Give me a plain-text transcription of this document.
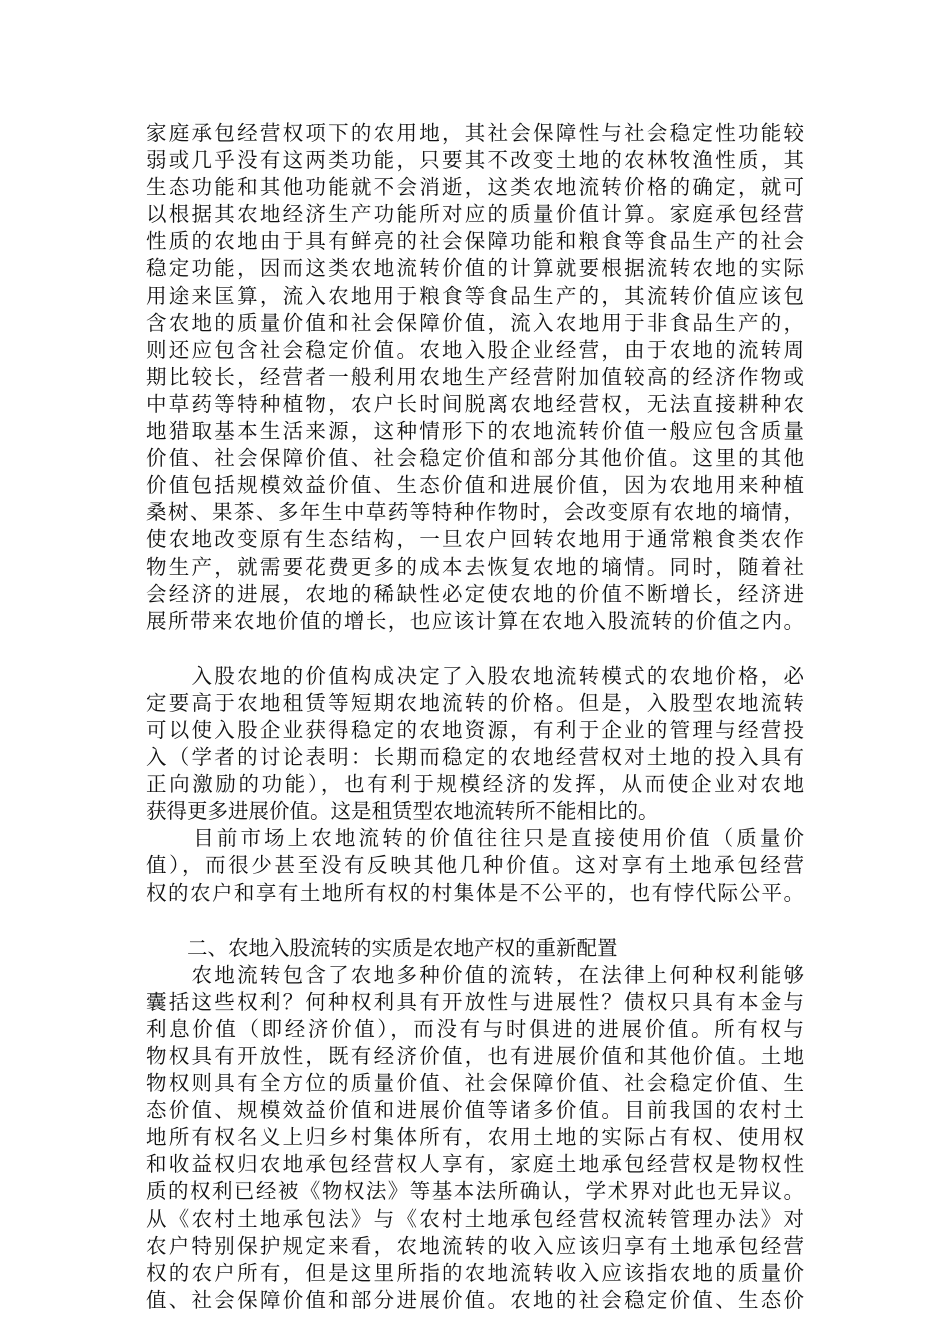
家庭承包经营权项下的农用地，其社会保障性与社会稳定性功能较
弱或几乎没有这两类功能，只要其不改变土地的农林牧渔性质，其
生态功能和其他功能就不会消逝，这类农地流转价格的确定，就可
以根据其农地经济生产功能所对应的质量价值计算。家庭承包经营
性质的农地由于具有鲜亮的社会保障功能和粮食等食品生产的社会
稳定功能，因而这类农地流转价值的计算就要根据流转农地的实际
用途来匡算，流入农地用于粮食等食品生产的，其流转价值应该包
含农地的质量价值和社会保障价值，流入农地用于非食品生产的，
则还应包含社会稳定价值。农地入股企业经营，由于农地的流转周
期比较长，经营者一般利用农地生产经营附加值较高的经济作物或
中草药等特种植物，农户长时间脱离农地经营权，无法直接耕种农
地猎取基本生活来源，这种情形下的农地流转价值一般应包含质量
价值、社会保障价值、社会稳定价值和部分其他价值。这里的其他
价值包括规模效益价值、生态价值和进展价值，因为农地用来种植
桑树、果茶、多年生中草药等特种作物时，会改变原有农地的墒情，
使农地改变原有生态结构，一旦农户回转农地用于通常粮食类农作
物生产，就需要花费更多的成本去恢复农地的墒情。同时，随着社
会经济的进展，农地的稀缺性必定使农地的价值不断增长，经济进
展所带来农地价值的增长，也应该计算在农地入股流转的价值之内。
　　入股农地的价值构成决定了入股农地流转模式的农地价格，必
定要高于农地租赁等短期农地流转的价格。但是，入股型农地流转
可以使入股企业获得稳定的农地资源，有利于企业的管理与经营投
入（学者的讨论表明：长期而稳定的农地经营权对土地的投入具有
正向激励的功能），也有利于规模经济的发挥，从而使企业对农地
获得更多进展价值。这是租赁型农地流转所不能相比的。
　　目前市场上农地流转的价值往往只是直接使用价值（质量价
值），而很少甚至没有反映其他几种价值。这对享有土地承包经营
权的农户和享有土地所有权的村集体是不公平的，也有悖代际公平。
　　二、农地入股流转的实质是农地产权的重新配置
　　农地流转包含了农地多种价值的流转，在法律上何种权利能够
囊括这些权利？何种权利具有开放性与进展性？债权只具有本金与
利息价值（即经济价值），而没有与时俱进的进展价值。所有权与
物权具有开放性，既有经济价值，也有进展价值和其他价值。土地
物权则具有全方位的质量价值、社会保障价值、社会稳定价值、生
态价值、规模效益价值和进展价值等诸多价值。目前我国的农村土
地所有权名义上归乡村集体所有，农用土地的实际占有权、使用权
和收益权归农地承包经营权人享有，家庭土地承包经营权是物权性
质的权利已经被《物权法》等基本法所确认，学术界对此也无异议。
从《农村土地承包法》与《农村土地承包经营权流转管理办法》对
农户特别保护规定来看，农地流转的收入应该归享有土地承包经营
权的农户所有，但是这里所指的农地流转收入应该指农地的质量价
值、社会保障价值和部分进展价值。农地的社会稳定价值、生态价
